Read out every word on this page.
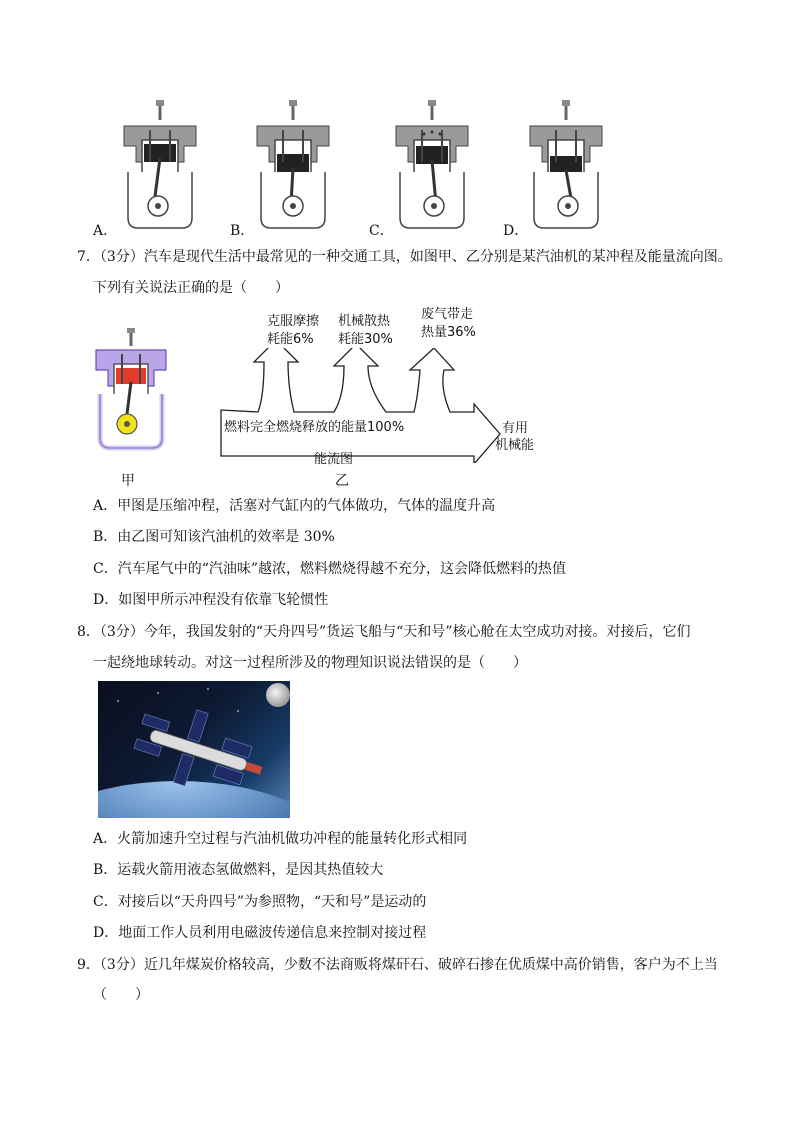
A．	B．	C．	D．
7．（3分）汽车是现代生活中最常见的一种交通工具，如图甲、乙分别是某汽油机的某冲程及能量流向图。
下列有关说法正确的是（　　）
甲
克服摩擦
耗能6%
机械散热
耗能30%
废气带走
热量36%
燃料完全燃烧释放的能量100%	有用
机械能
能流图
乙
A．甲图是压缩冲程，活塞对气缸内的气体做功，气体的温度升高
B．由乙图可知该汽油机的效率是 30%
C．汽车尾气中的“汽油味”越浓，燃料燃烧得越不充分，这会降低燃料的热值
D．如图甲所示冲程没有依靠飞轮惯性
8．（3分）今年，我国发射的“天舟四号”货运飞船与“天和号”核心舱在太空成功对接。对接后，它们
一起绕地球转动。对这一过程所涉及的物理知识说法错误的是（　　）
A．火箭加速升空过程与汽油机做功冲程的能量转化形式相同
B．运载火箭用液态氢做燃料，是因其热值较大
C．对接后以“天舟四号”为参照物，“天和号”是运动的
D．地面工作人员利用电磁波传递信息来控制对接过程
9．（3分）近几年煤炭价格较高，少数不法商贩将煤矸石、破碎石掺在优质煤中高价销售，客户为不上当
（　　）
